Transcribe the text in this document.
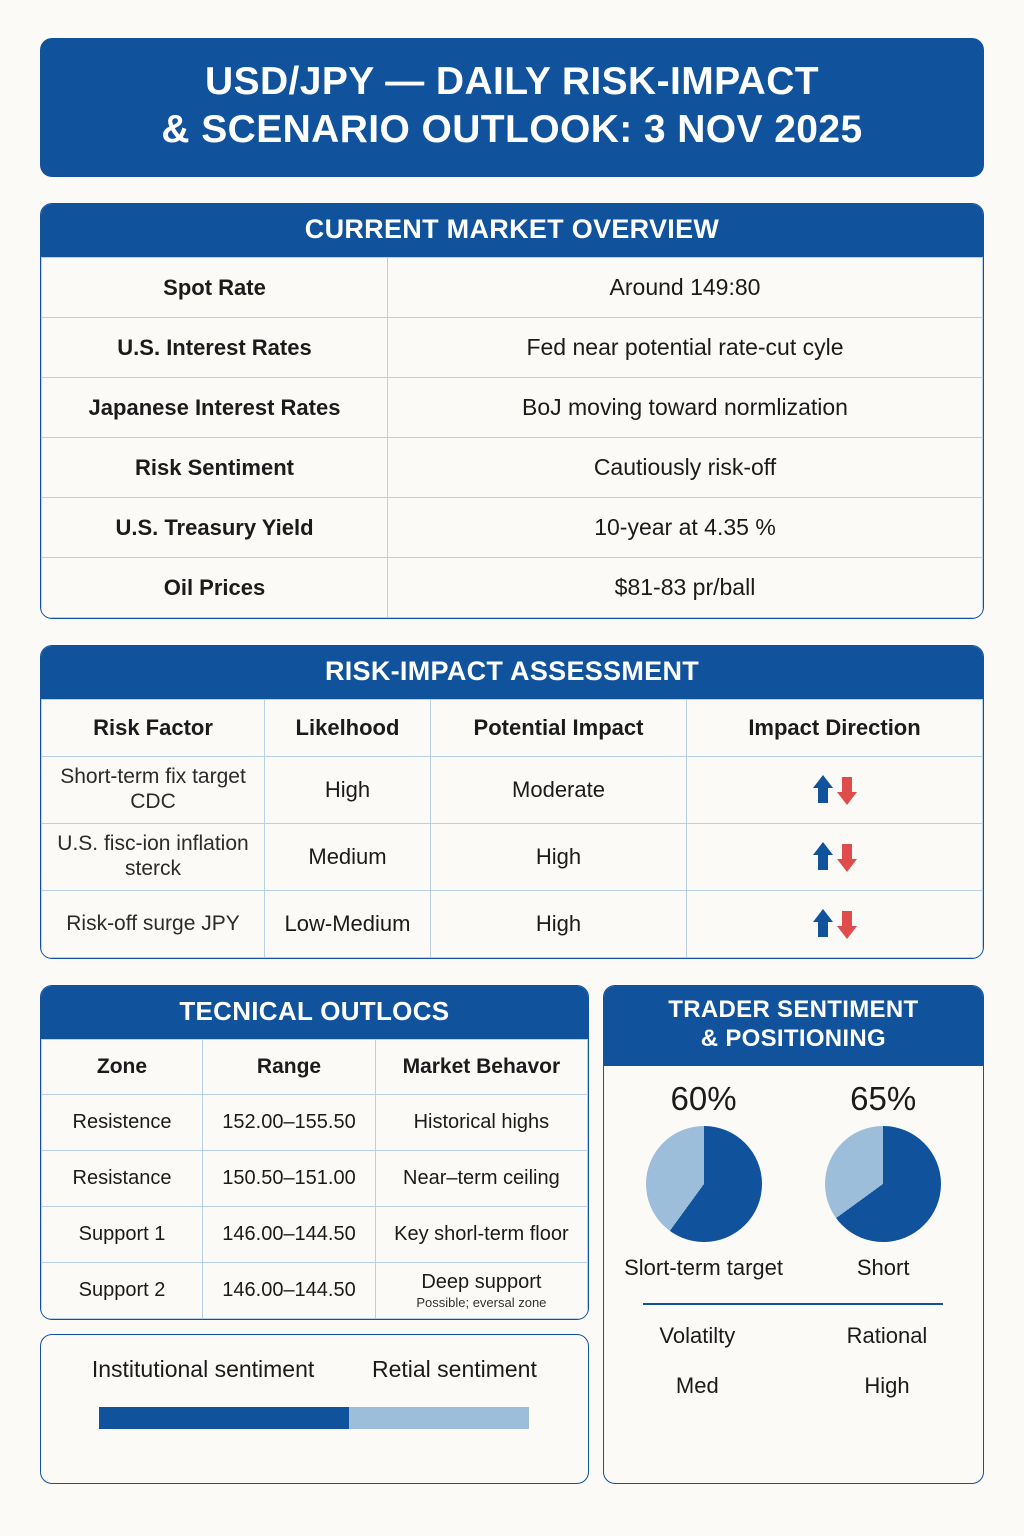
USD/JPY — DAILY RISK-IMPACT
& SCENARIO OUTLOOK: 3 NOV 2025
CURRENT MARKET OVERVIEW
Spot Rate	Around 149:80
U.S. Interest Rates	Fed near potential rate-cut cyle
Japanese Interest Rates	BoJ moving toward normlization
Risk Sentiment	Cautiously risk-off
U.S. Treasury Yield	10-year at 4.35 %
Oil Prices	$81-83 pr/ball
RISK-IMPACT ASSESSMENT
Risk Factor	Likelhood	Potential Impact	Impact Direction
Short-term fix target CDC	High	Moderate	

U.S. fisc-ion inflation sterck	Medium	High	

Risk-off surge JPY	Low-Medium	High	
TECNICAL OUTLOCS
Zone	Range	Market Behavor
Resistence	152.00–155.50	Historical highs
Resistance	150.50–151.00	Near–term ceiling
Support 1	146.00–144.50	Key shorl-term floor
Support 2	146.00–144.50	Deep support
Possible; eversal zone
Institutional sentiment	Retial sentiment
TRADER SENTIMENT
& POSITIONING
60%
Slort-term target
65%
Short
Volatilty
Med
Rational
High
